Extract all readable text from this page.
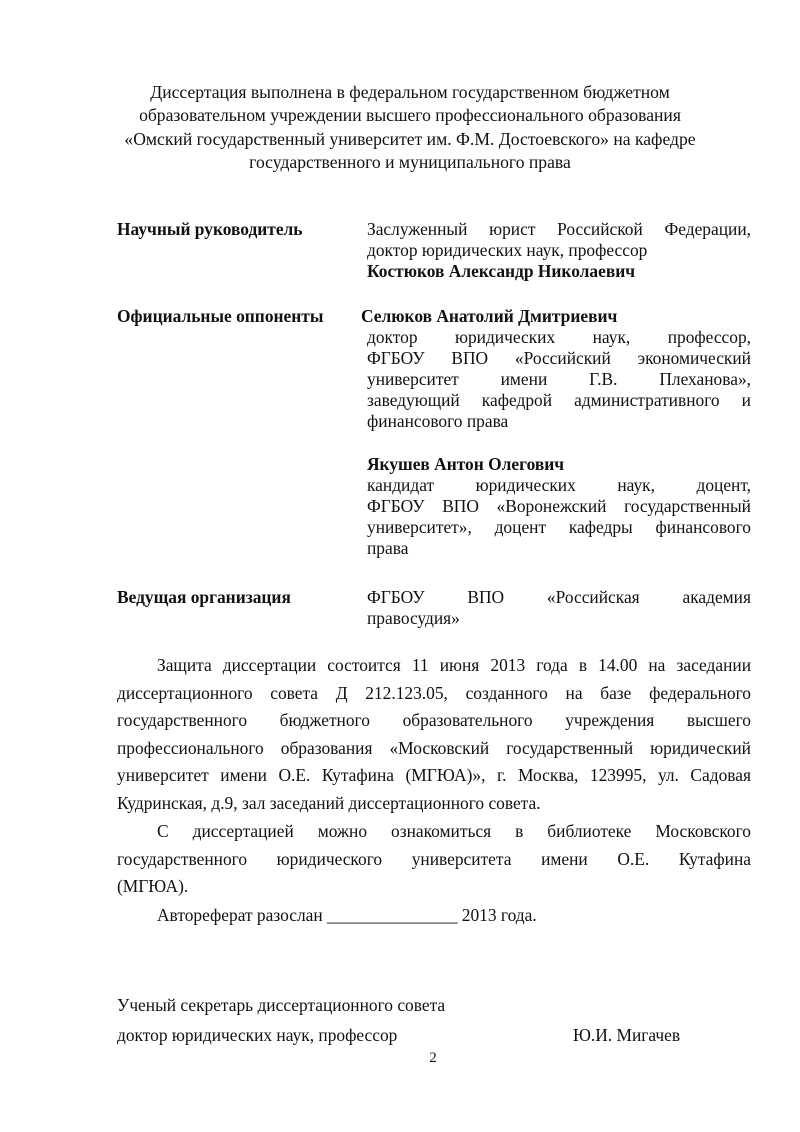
Диссертация выполнена в федеральном государственном бюджетном
образовательном учреждении высшего профессионального образования
«Омский государственный университет им. Ф.М. Достоевского» на кафедре
государственного и муниципального права
Научный руководитель	Заслуженный юрист Российской Федерации,
доктор юридических наук, профессор
Костюков Александр Николаевич
Официальные оппоненты Селюков Анатолий Дмитриевич
доктор юридических наук, профессор,
ФГБОУ ВПО «Российский экономический
университет имени Г.В. Плеханова»,
заведующий кафедрой административного и
финансового права
Якушев Антон Олегович
кандидат юридических наук, доцент,
ФГБОУ ВПО «Воронежский государственный
университет», доцент кафедры финансового
права
Ведущая организация	ФГБОУ ВПО «Российская академия
правосудия»
Защита диссертации состоится 11 июня 2013 года в 14.00 на заседании
диссертационного совета Д 212.123.05, созданного на базе федерального
государственного бюджетного образовательного учреждения высшего
профессионального образования «Московский государственный юридический
университет имени О.Е. Кутафина (МГЮА)», г. Москва, 123995, ул. Садовая
Кудринская, д.9, зал заседаний диссертационного совета.
С диссертацией можно ознакомиться в библиотеке Московского
государственного юридического университета имени О.Е. Кутафина
(МГЮА).
Автореферат разослан _______________ 2013 года.
Ученый секретарь диссертационного совета
доктор юридических наук, профессор	Ю.И. Мигачев
2
